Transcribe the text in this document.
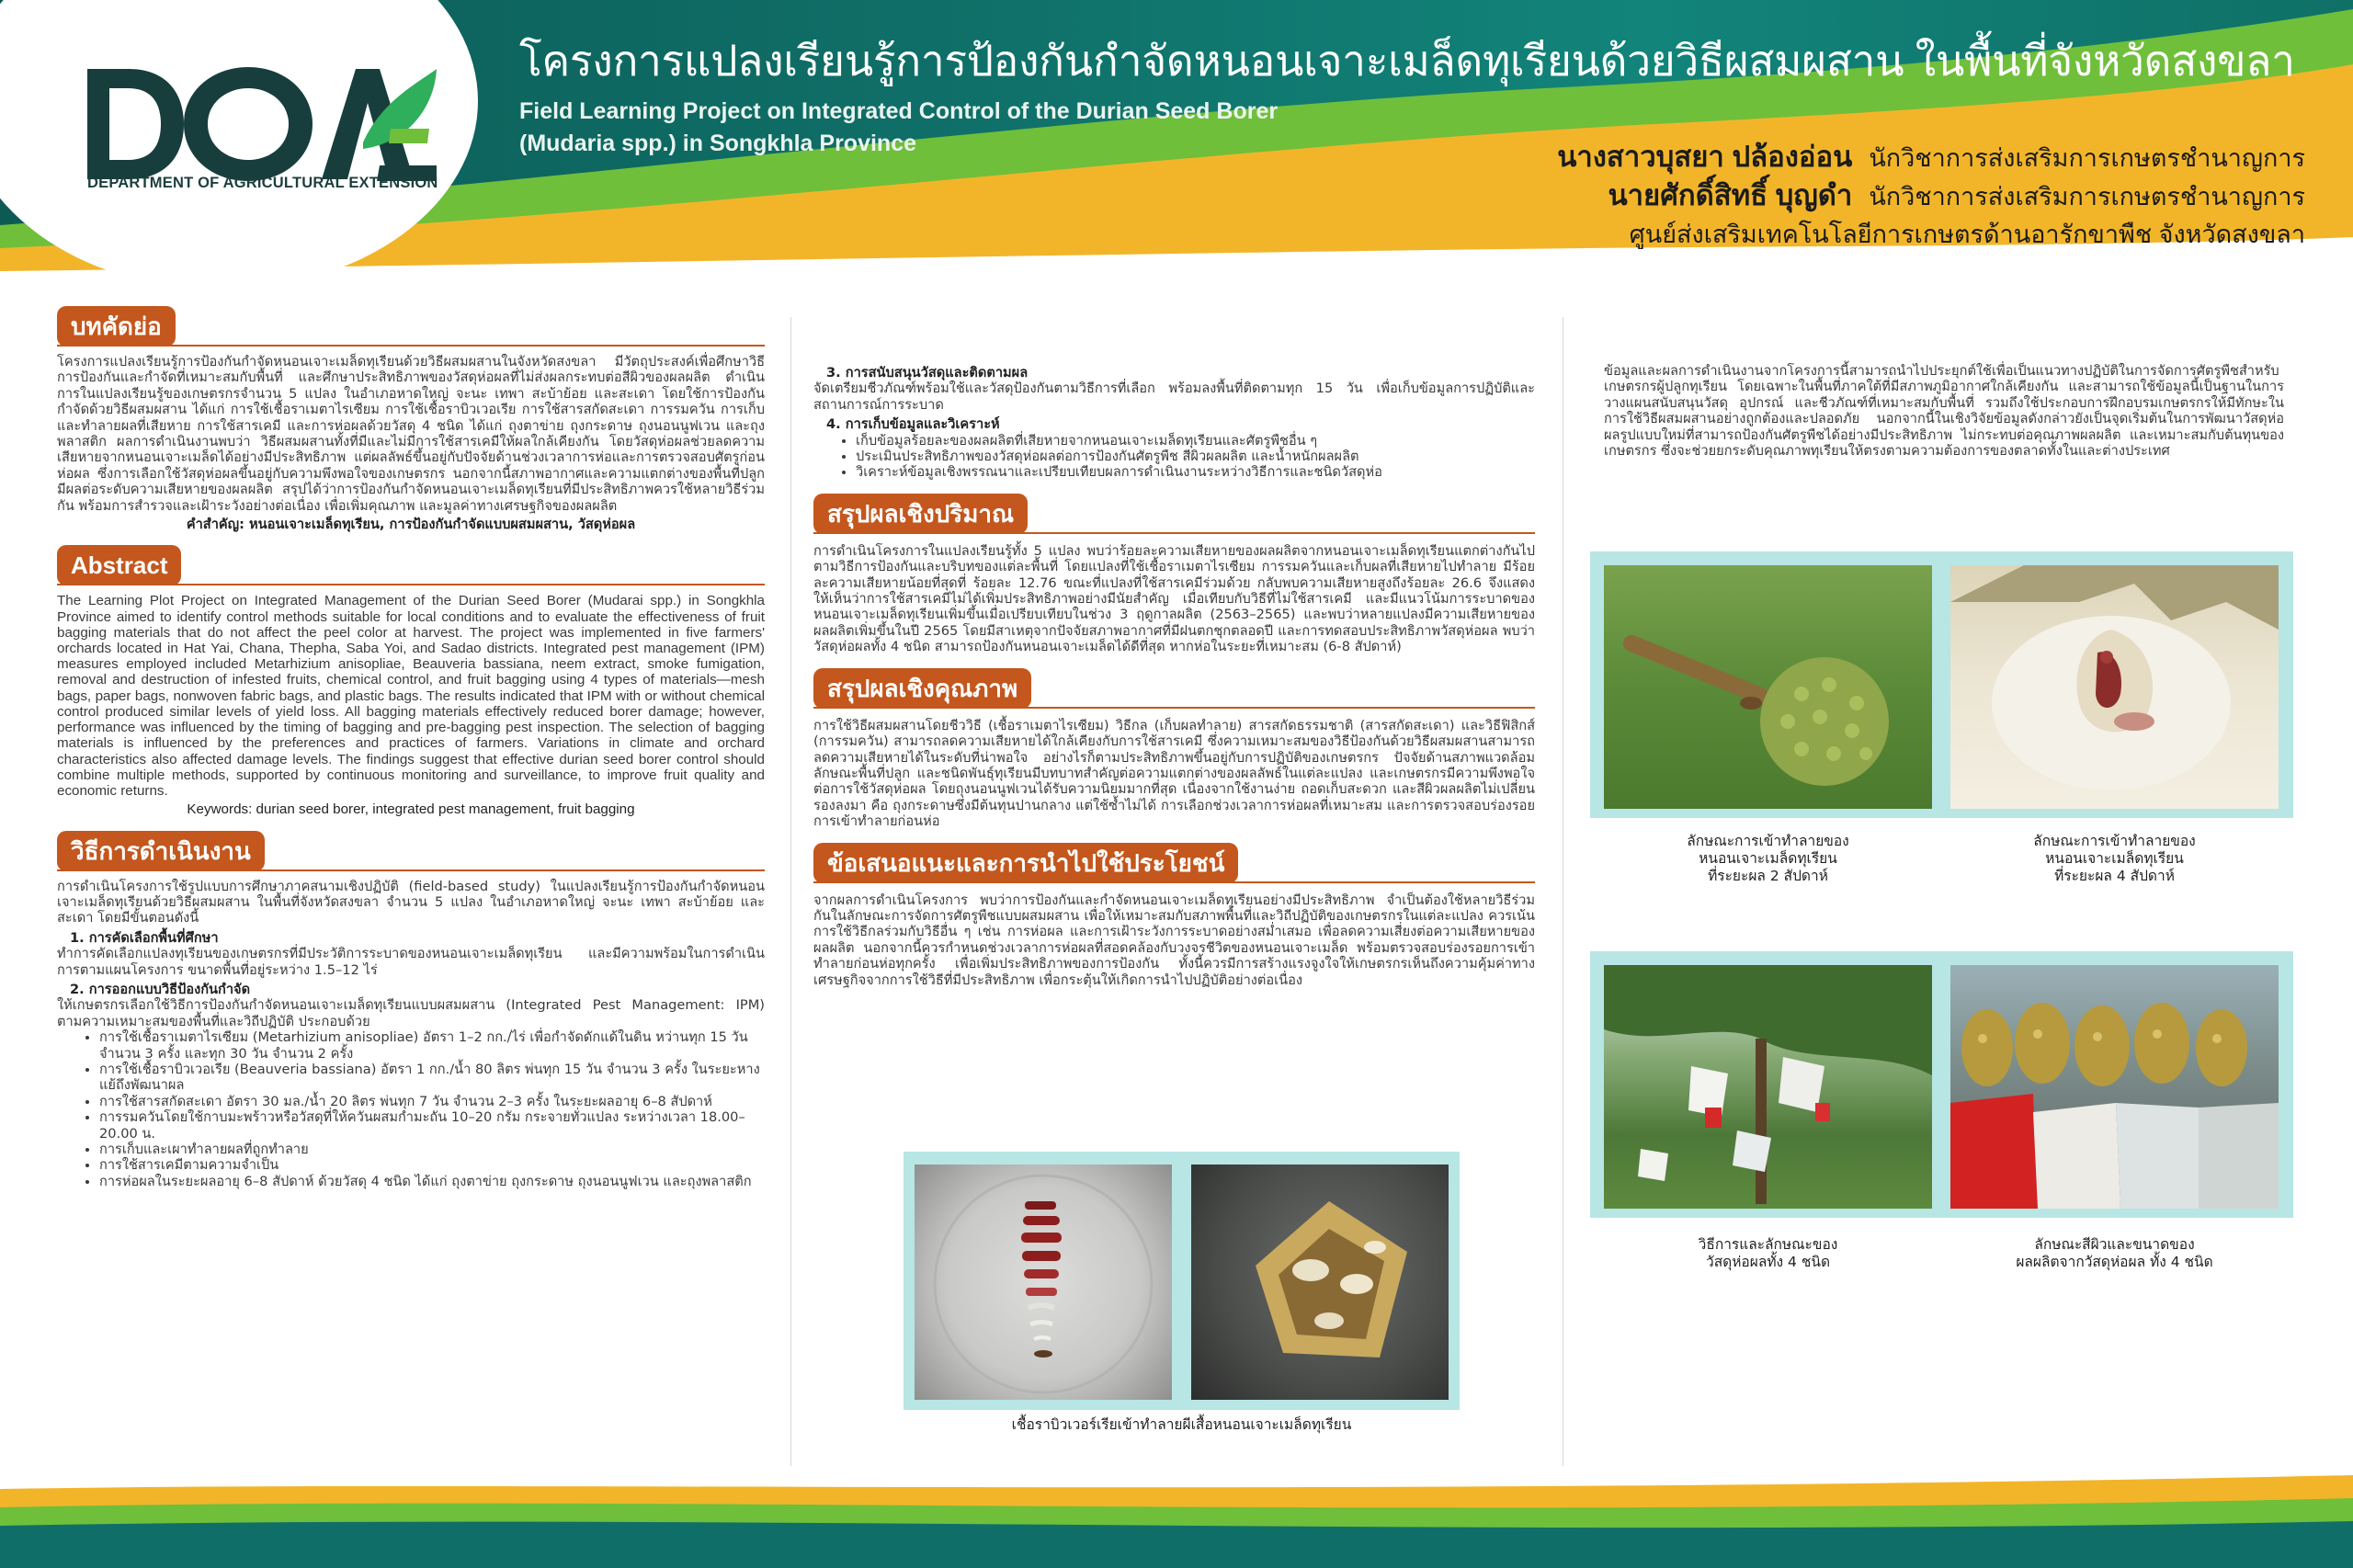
DEPARTMENT OF AGRICULTURAL EXTENSION
โครงการแปลงเรียนรู้การป้องกันกำจัดหนอนเจาะเมล็ดทุเรียนด้วยวิธีผสมผสาน ในพื้นที่จังหวัดสงขลา
Field Learning Project on Integrated Control of the Durian Seed Borer
(Mudaria spp.) in Songkhla Province	นางสาวบุสยา ปล้องอ่อน นักวิชาการส่งเสริมการเกษตรชำนาญการ
นายศักดิ์สิทธิ์ บุญดำ นักวิชาการส่งเสริมการเกษตรชำนาญการ
ศูนย์ส่งเสริมเทคโนโลยีการเกษตรด้านอารักขาพืช จังหวัดสงขลา
บทคัดย่อ

โครงการแปลงเรียนรู้การป้องกันกำจัดหนอนเจาะเมล็ดทุเรียนด้วยวิธีผสมผสานในจังหวัดสงขลา มีวัตถุประสงค์เพื่อศึกษาวิธีการป้องกันและกำจัดที่เหมาะสมกับพื้นที่ และศึกษาประสิทธิภาพของวัสดุห่อผลที่ไม่ส่งผลกระทบต่อสีผิวของผลผลิต ดำเนินการในแปลงเรียนรู้ของเกษตรกรจำนวน 5 แปลง ในอำเภอหาดใหญ่ จะนะ เทพา สะบ้าย้อย และสะเดา โดยใช้การป้องกันกำจัดด้วยวิธีผสมผสาน ได้แก่ การใช้เชื้อราเมตาไรเซียม การใช้เชื้อราบิวเวอเรีย การใช้สารสกัดสะเดา การรมควัน การเก็บและทำลายผลที่เสียหาย การใช้สารเคมี และการห่อผลด้วยวัสดุ 4 ชนิด ได้แก่ ถุงตาข่าย ถุงกระดาษ ถุงนอนนูฟเวน และถุงพลาสติก ผลการดำเนินงานพบว่า วิธีผสมผสานทั้งที่มีและไม่มีการใช้สารเคมีให้ผลใกล้เคียงกัน โดยวัสดุห่อผลช่วยลดความเสียหายจากหนอนเจาะเมล็ดได้อย่างมีประสิทธิภาพ แต่ผลลัพธ์ขึ้นอยู่กับปัจจัยด้านช่วงเวลาการห่อและการตรวจสอบศัตรูก่อนห่อผล ซึ่งการเลือกใช้วัสดุห่อผลขึ้นอยู่กับความพึงพอใจของเกษตรกร นอกจากนี้สภาพอากาศและความแตกต่างของพื้นที่ปลูกมีผลต่อระดับความเสียหายของผลผลิต สรุปได้ว่าการป้องกันกำจัดหนอนเจาะเมล็ดทุเรียนที่มีประสิทธิภาพควรใช้หลายวิธีร่วมกัน พร้อมการสำรวจและเฝ้าระวังอย่างต่อเนื่อง เพื่อเพิ่มคุณภาพ และมูลค่าทางเศรษฐกิจของผลผลิต

คำสำคัญ: หนอนเจาะเมล็ดทุเรียน, การป้องกันกำจัดแบบผสมผสาน, วัสดุห่อผล

Abstract

The Learning Plot Project on Integrated Management of the Durian Seed Borer (Mudarai spp.) in Songkhla Province aimed to identify control methods suitable for local conditions and to evaluate the effectiveness of fruit bagging materials that do not affect the peel color at harvest. The project was implemented in five farmers' orchards located in Hat Yai, Chana, Thepha, Saba Yoi, and Sadao districts. Integrated pest management (IPM) measures employed included Metarhizium anisopliae, Beauveria bassiana, neem extract, smoke fumigation, removal and destruction of infested fruits, chemical control, and fruit bagging using 4 types of materials—mesh bags, paper bags, nonwoven fabric bags, and plastic bags. The results indicated that IPM with or without chemical control produced similar levels of yield loss. All bagging materials effectively reduced borer damage; however, performance was influenced by the timing of bagging and pre-bagging pest inspection. The selection of bagging materials is influenced by the preferences and practices of farmers. Variations in climate and orchard characteristics also affected damage levels. The findings suggest that effective durian seed borer control should combine multiple methods, supported by continuous monitoring and surveillance, to improve fruit quality and economic returns.

Keywords: durian seed borer, integrated pest management, fruit bagging

วิธีการดำเนินงาน

การดำเนินโครงการใช้รูปแบบการศึกษาภาคสนามเชิงปฏิบัติ (field-based study) ในแปลงเรียนรู้การป้องกันกำจัดหนอนเจาะเมล็ดทุเรียนด้วยวิธีผสมผสาน ในพื้นที่จังหวัดสงขลา จำนวน 5 แปลง ในอำเภอหาดใหญ่ จะนะ เทพา สะบ้าย้อย และสะเดา โดยมีขั้นตอนดังนี้

1. การคัดเลือกพื้นที่ศึกษา

ทำการคัดเลือกแปลงทุเรียนของเกษตรกรที่มีประวัติการระบาดของหนอนเจาะเมล็ดทุเรียน และมีความพร้อมในการดำเนินการตามแผนโครงการ ขนาดพื้นที่อยู่ระหว่าง 1.5–12 ไร่

2. การออกแบบวิธีป้องกันกำจัด

ให้เกษตรกรเลือกใช้วิธีการป้องกันกำจัดหนอนเจาะเมล็ดทุเรียนแบบผสมผสาน (Integrated Pest Management: IPM) ตามความเหมาะสมของพื้นที่และวิถีปฏิบัติ ประกอบด้วย

• การใช้เชื้อราเมตาไรเซียม (Metarhizium anisopliae) อัตรา 1–2 กก./ไร่ เพื่อกำจัดดักแด้ในดิน หว่านทุก 15 วัน จำนวน 3 ครั้ง และทุก 30 วัน จำนวน 2 ครั้ง
• การใช้เชื้อราบิวเวอเรีย (Beauveria bassiana) อัตรา 1 กก./น้ำ 80 ลิตร พ่นทุก 15 วัน จำนวน 3 ครั้ง ในระยะหางแย้ถึงพัฒนาผล
• การใช้สารสกัดสะเดา อัตรา 30 มล./น้ำ 20 ลิตร พ่นทุก 7 วัน จำนวน 2–3 ครั้ง ในระยะผลอายุ 6–8 สัปดาห์
• การรมควันโดยใช้กาบมะพร้าวหรือวัสดุที่ให้ควันผสมกำมะถัน 10–20 กรัม กระจายทั่วแปลง ระหว่างเวลา 18.00–20.00 น.
• การเก็บและเผาทำลายผลที่ถูกทำลาย
• การใช้สารเคมีตามความจำเป็น
• การห่อผลในระยะผลอายุ 6–8 สัปดาห์ ด้วยวัสดุ 4 ชนิด ได้แก่ ถุงตาข่าย ถุงกระดาษ ถุงนอนนูฟเวน และถุงพลาสติก
3. การสนับสนุนวัสดุและติดตามผล

จัดเตรียมชีวภัณฑ์พร้อมใช้และวัสดุป้องกันตามวิธีการที่เลือก พร้อมลงพื้นที่ติดตามทุก 15 วัน เพื่อเก็บข้อมูลการปฏิบัติและสถานการณ์การระบาด

4. การเก็บข้อมูลและวิเคราะห์
• เก็บข้อมูลร้อยละของผลผลิตที่เสียหายจากหนอนเจาะเมล็ดทุเรียนและศัตรูพืชอื่น ๆ
• ประเมินประสิทธิภาพของวัสดุห่อผลต่อการป้องกันศัตรูพืช สีผิวผลผลิต และน้ำหนักผลผลิต
• วิเคราะห์ข้อมูลเชิงพรรณนาและเปรียบเทียบผลการดำเนินงานระหว่างวิธีการและชนิดวัสดุห่อ
สรุปผลเชิงปริมาณ

การดำเนินโครงการในแปลงเรียนรู้ทั้ง 5 แปลง พบว่าร้อยละความเสียหายของผลผลิตจากหนอนเจาะเมล็ดทุเรียนแตกต่างกันไปตามวิธีการป้องกันและบริบทของแต่ละพื้นที่ โดยแปลงที่ใช้เชื้อราเมตาไรเซียม การรมควันและเก็บผลที่เสียหายไปทำลาย มีร้อยละความเสียหายน้อยที่สุดที่ ร้อยละ 12.76 ขณะที่แปลงที่ใช้สารเคมีร่วมด้วย กลับพบความเสียหายสูงถึงร้อยละ 26.6 จึงแสดงให้เห็นว่าการใช้สารเคมีไม่ได้เพิ่มประสิทธิภาพอย่างมีนัยสำคัญ เมื่อเทียบกับวิธีที่ไม่ใช้สารเคมี และมีแนวโน้มการระบาดของหนอนเจาะเมล็ดทุเรียนเพิ่มขึ้นเมื่อเปรียบเทียบในช่วง 3 ฤดูกาลผลิต (2563–2565) และพบว่าหลายแปลงมีความเสียหายของผลผลิตเพิ่มขึ้นในปี 2565 โดยมีสาเหตุจากปัจจัยสภาพอากาศที่มีฝนตกชุกตลอดปี และการทดสอบประสิทธิภาพวัสดุห่อผล พบว่า วัสดุห่อผลทั้ง 4 ชนิด สามารถป้องกันหนอนเจาะเมล็ดได้ดีที่สุด หากห่อในระยะที่เหมาะสม (6-8 สัปดาห์)

สรุปผลเชิงคุณภาพ

การใช้วิธีผสมผสานโดยชีววิธี (เชื้อราเมตาไรเซียม) วิธีกล (เก็บผลทำลาย) สารสกัดธรรมชาติ (สารสกัดสะเดา) และวิธีฟิสิกส์ (การรมควัน) สามารถลดความเสียหายได้ใกล้เคียงกับการใช้สารเคมี ซึ่งความเหมาะสมของวิธีป้องกันด้วยวิธีผสมผสานสามารถลดความเสียหายได้ในระดับที่น่าพอใจ อย่างไรก็ตามประสิทธิภาพขึ้นอยู่กับการปฏิบัติของเกษตรกร ปัจจัยด้านสภาพแวดล้อม ลักษณะพื้นที่ปลูก และชนิดพันธุ์ทุเรียนมีบทบาทสำคัญต่อความแตกต่างของผลลัพธ์ในแต่ละแปลง และเกษตรกรมีความพึงพอใจต่อการใช้วัสดุห่อผล โดยถุงนอนนูฟเวนได้รับความนิยมมากที่สุด เนื่องจากใช้งานง่าย ถอดเก็บสะดวก และสีผิวผลผลิตไม่เปลี่ยน รองลงมา คือ ถุงกระดาษซึ่งมีต้นทุนปานกลาง แต่ใช้ซ้ำไม่ได้ การเลือกช่วงเวลาการห่อผลที่เหมาะสม และการตรวจสอบร่องรอยการเข้าทำลายก่อนห่อ

ข้อเสนอแนะและการนำไปใช้ประโยชน์

จากผลการดำเนินโครงการ พบว่าการป้องกันและกำจัดหนอนเจาะเมล็ดทุเรียนอย่างมีประสิทธิภาพ จำเป็นต้องใช้หลายวิธีร่วมกันในลักษณะการจัดการศัตรูพืชแบบผสมผสาน เพื่อให้เหมาะสมกับสภาพพื้นที่และวิถีปฏิบัติของเกษตรกรในแต่ละแปลง ควรเน้นการใช้วิธีกลร่วมกับวิธีอื่น ๆ เช่น การห่อผล และการเฝ้าระวังการระบาดอย่างสม่ำเสมอ เพื่อลดความเสี่ยงต่อความเสียหายของผลผลิต นอกจากนี้ควรกำหนดช่วงเวลาการห่อผลที่สอดคล้องกับวงจรชีวิตของหนอนเจาะเมล็ด พร้อมตรวจสอบร่องรอยการเข้าทำลายก่อนห่อทุกครั้ง เพื่อเพิ่มประสิทธิภาพของการป้องกัน ทั้งนี้ควรมีการสร้างแรงจูงใจให้เกษตรกรเห็นถึงความคุ้มค่าทางเศรษฐกิจจากการใช้วิธีที่มีประสิทธิภาพ เพื่อกระตุ้นให้เกิดการนำไปปฏิบัติอย่างต่อเนื่อง

เชื้อราบิวเวอร์เรียเข้าทำลายผีเสื้อหนอนเจาะเมล็ดทุเรียน

ข้อมูลและผลการดำเนินงานจากโครงการนี้สามารถนำไปประยุกต์ใช้เพื่อเป็นแนวทางปฏิบัติในการจัดการศัตรูพืชสำหรับเกษตรกรผู้ปลูกทุเรียน โดยเฉพาะในพื้นที่ภาคใต้ที่มีสภาพภูมิอากาศใกล้เคียงกัน และสามารถใช้ข้อมูลนี้เป็นฐานในการวางแผนสนับสนุนวัสดุ อุปกรณ์ และชีวภัณฑ์ที่เหมาะสมกับพื้นที่ รวมถึงใช้ประกอบการฝึกอบรมเกษตรกรให้มีทักษะในการใช้วิธีผสมผสานอย่างถูกต้องและปลอดภัย นอกจากนี้ในเชิงวิจัยข้อมูลดังกล่าวยังเป็นจุดเริ่มต้นในการพัฒนาวัสดุห่อผลรูปแบบใหม่ที่สามารถป้องกันศัตรูพืชได้อย่างมีประสิทธิภาพ ไม่กระทบต่อคุณภาพผลผลิต และเหมาะสมกับต้นทุนของเกษตรกร ซึ่งจะช่วยยกระดับคุณภาพทุเรียนให้ตรงตามความต้องการของตลาดทั้งในและต่างประเทศ

ลักษณะการเข้าทำลายของ
หนอนเจาะเมล็ดทุเรียน
ที่ระยะผล 2 สัปดาห์
ลักษณะการเข้าทำลายของ
หนอนเจาะเมล็ดทุเรียน
ที่ระยะผล 4 สัปดาห์
วิธีการและลักษณะของ
วัสดุห่อผลทั้ง 4 ชนิด
ลักษณะสีผิวและขนาดของ
ผลผลิตจากวัสดุห่อผล ทั้ง 4 ชนิด
